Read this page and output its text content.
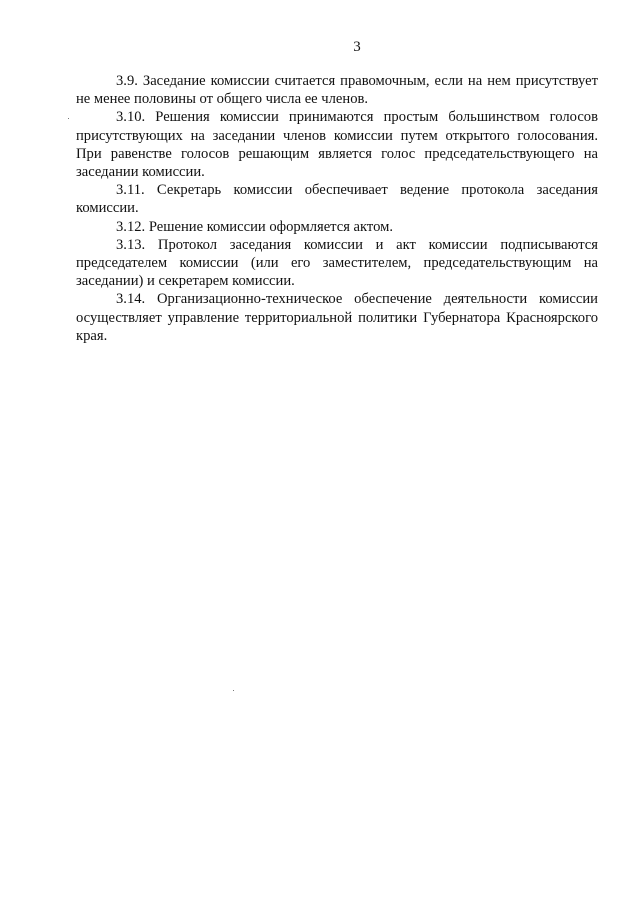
3

3.9. Заседание комиссии считается правомочным, если на нем присутствует не менее половины от общего числа ее членов.

3.10. Решения комиссии принимаются простым большинством голосов присутствующих на заседании членов комиссии путем открытого голосования. При равенстве голосов решающим является голос председательствующего на заседании комиссии.

3.11. Секретарь комиссии обеспечивает ведение протокола заседания комиссии.

3.12. Решение комиссии оформляется актом.

3.13. Протокол заседания комиссии и акт комиссии подписываются председателем комиссии (или его заместителем, председательствующим на заседании) и секретарем комиссии.

3.14. Организационно-техническое обеспечение деятельности комиссии осуществляет управление территориальной политики Губернатора Красноярского края.
